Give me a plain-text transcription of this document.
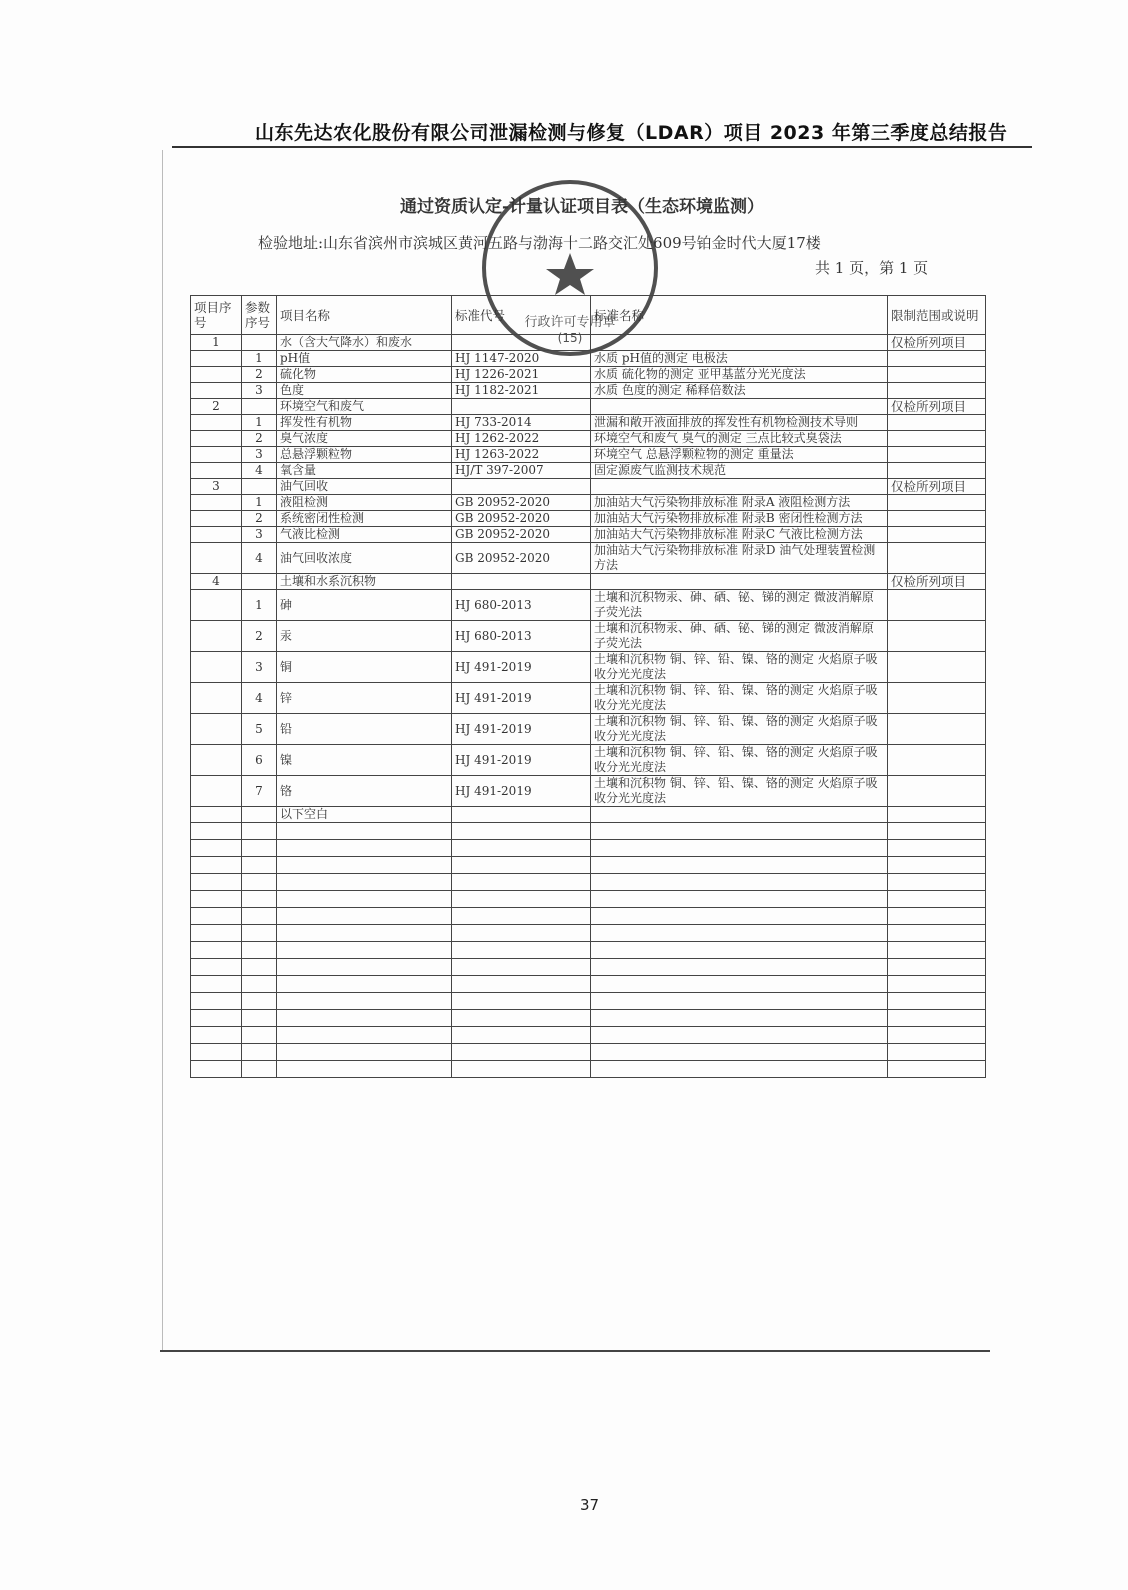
行政许可专用章
(15)
山东先达农化股份有限公司泄漏检测与修复（LDAR）项目 2023 年第三季度总结报告
通过资质认定-计量认证项目表（生态环境监测）
检验地址:山东省滨州市滨城区黄河五路与渤海十二路交汇处609号铂金时代大厦17楼
共 1 页，第 1 页
项目序号	参数序号	项目名称	标准代号	标准名称	限制范围或说明
1		水（含大气降水）和废水			仅检所列项目
	1	pH值	HJ 1147-2020	水质 pH值的测定 电极法	
	2	硫化物	HJ 1226-2021	水质 硫化物的测定 亚甲基蓝分光光度法	
	3	色度	HJ 1182-2021	水质 色度的测定 稀释倍数法	
2		环境空气和废气			仅检所列项目
	1	挥发性有机物	HJ 733-2014	泄漏和敞开液面排放的挥发性有机物检测技术导则	
	2	臭气浓度	HJ 1262-2022	环境空气和废气 臭气的测定 三点比较式臭袋法	
	3	总悬浮颗粒物	HJ 1263-2022	环境空气 总悬浮颗粒物的测定 重量法	
	4	氧含量	HJ/T 397-2007	固定源废气监测技术规范	
3		油气回收			仅检所列项目
	1	液阻检测	GB 20952-2020	加油站大气污染物排放标准 附录A 液阻检测方法	
	2	系统密闭性检测	GB 20952-2020	加油站大气污染物排放标准 附录B 密闭性检测方法	
	3	气液比检测	GB 20952-2020	加油站大气污染物排放标准 附录C 气液比检测方法	
	4	油气回收浓度	GB 20952-2020	加油站大气污染物排放标准 附录D 油气处理装置检测方法	
4		土壤和水系沉积物			仅检所列项目
	1	砷	HJ 680-2013	土壤和沉积物汞、砷、硒、铋、锑的测定 微波消解原子荧光法	
	2	汞	HJ 680-2013	土壤和沉积物汞、砷、硒、铋、锑的测定 微波消解原子荧光法	
	3	铜	HJ 491-2019	土壤和沉积物 铜、锌、铅、镍、铬的测定 火焰原子吸收分光光度法	
	4	锌	HJ 491-2019	土壤和沉积物 铜、锌、铅、镍、铬的测定 火焰原子吸收分光光度法	
	5	铅	HJ 491-2019	土壤和沉积物 铜、锌、铅、镍、铬的测定 火焰原子吸收分光光度法	
	6	镍	HJ 491-2019	土壤和沉积物 铜、锌、铅、镍、铬的测定 火焰原子吸收分光光度法	
	7	铬	HJ 491-2019	土壤和沉积物 铜、锌、铅、镍、铬的测定 火焰原子吸收分光光度法	
		以下空白			

37
